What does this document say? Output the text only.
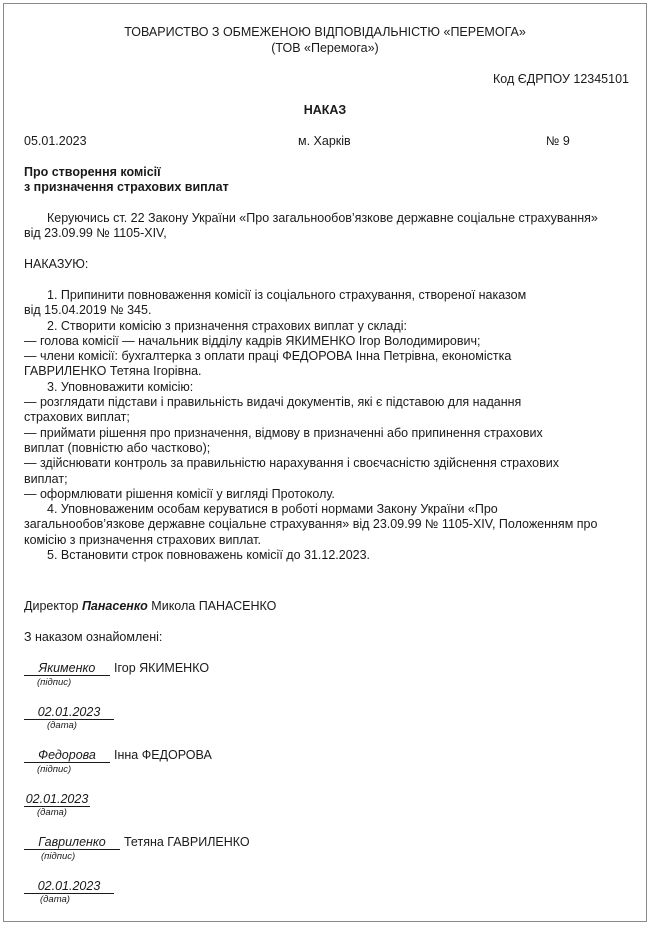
ТОВАРИСТВО З ОБМЕЖЕНОЮ ВІДПОВІДАЛЬНІСТЮ «ПЕРЕМОГА»
(ТОВ «Перемога»)
Код ЄДРПОУ 12345101
НАКАЗ
05.01.2023	м. Харків	№ 9
Про створення комісії
з призначення страхових виплат
Керуючись ст. 22 Закону України «Про загальнообов’язкове державне соціальне страхування»
від 23.09.99 № 1105-XIV,
НАКАЗУЮ:
1. Припинити повноваження комісії із соціального страхування, створеної наказом
від 15.04.2019 № 345.
2. Створити комісію з призначення страхових виплат у складі:
— голова комісії — начальник відділу кадрів ЯКИМЕНКО Ігор Володимирович;
— члени комісії: бухгалтерка з оплати праці ФЕДОРОВА Інна Петрівна, економістка
ГАВРИЛЕНКО Тетяна Ігорівна.
3. Уповноважити комісію:
— розглядати підстави і правильність видачі документів, які є підставою для надання
страхових виплат;
— приймати рішення про призначення, відмову в призначенні або припинення страхових
виплат (повністю або частково);
— здійснювати контроль за правильністю нарахування і своєчасністю здійснення страхових
виплат;
— оформлювати рішення комісії у вигляді Протоколу.
4. Уповноваженим особам керуватися в роботі нормами Закону України «Про
загальнообов’язкове державне соціальне страхування» від 23.09.99 № 1105-XIV, Положенням про
комісію з призначення страхових виплат.
5. Встановити строк повноважень комісії до 31.12.2023.
Директор Панасенко Микола ПАНАСЕНКО
З наказом ознайомлені:
Якименко	Ігор ЯКИМЕНКО
(підпис)
02.01.2023
(дата)
Федорова	Інна ФЕДОРОВА
(підпис)
02.01.2023
(дата)
Гавриленко	Тетяна ГАВРИЛЕНКО
(підпис)
02.01.2023
(дата)
